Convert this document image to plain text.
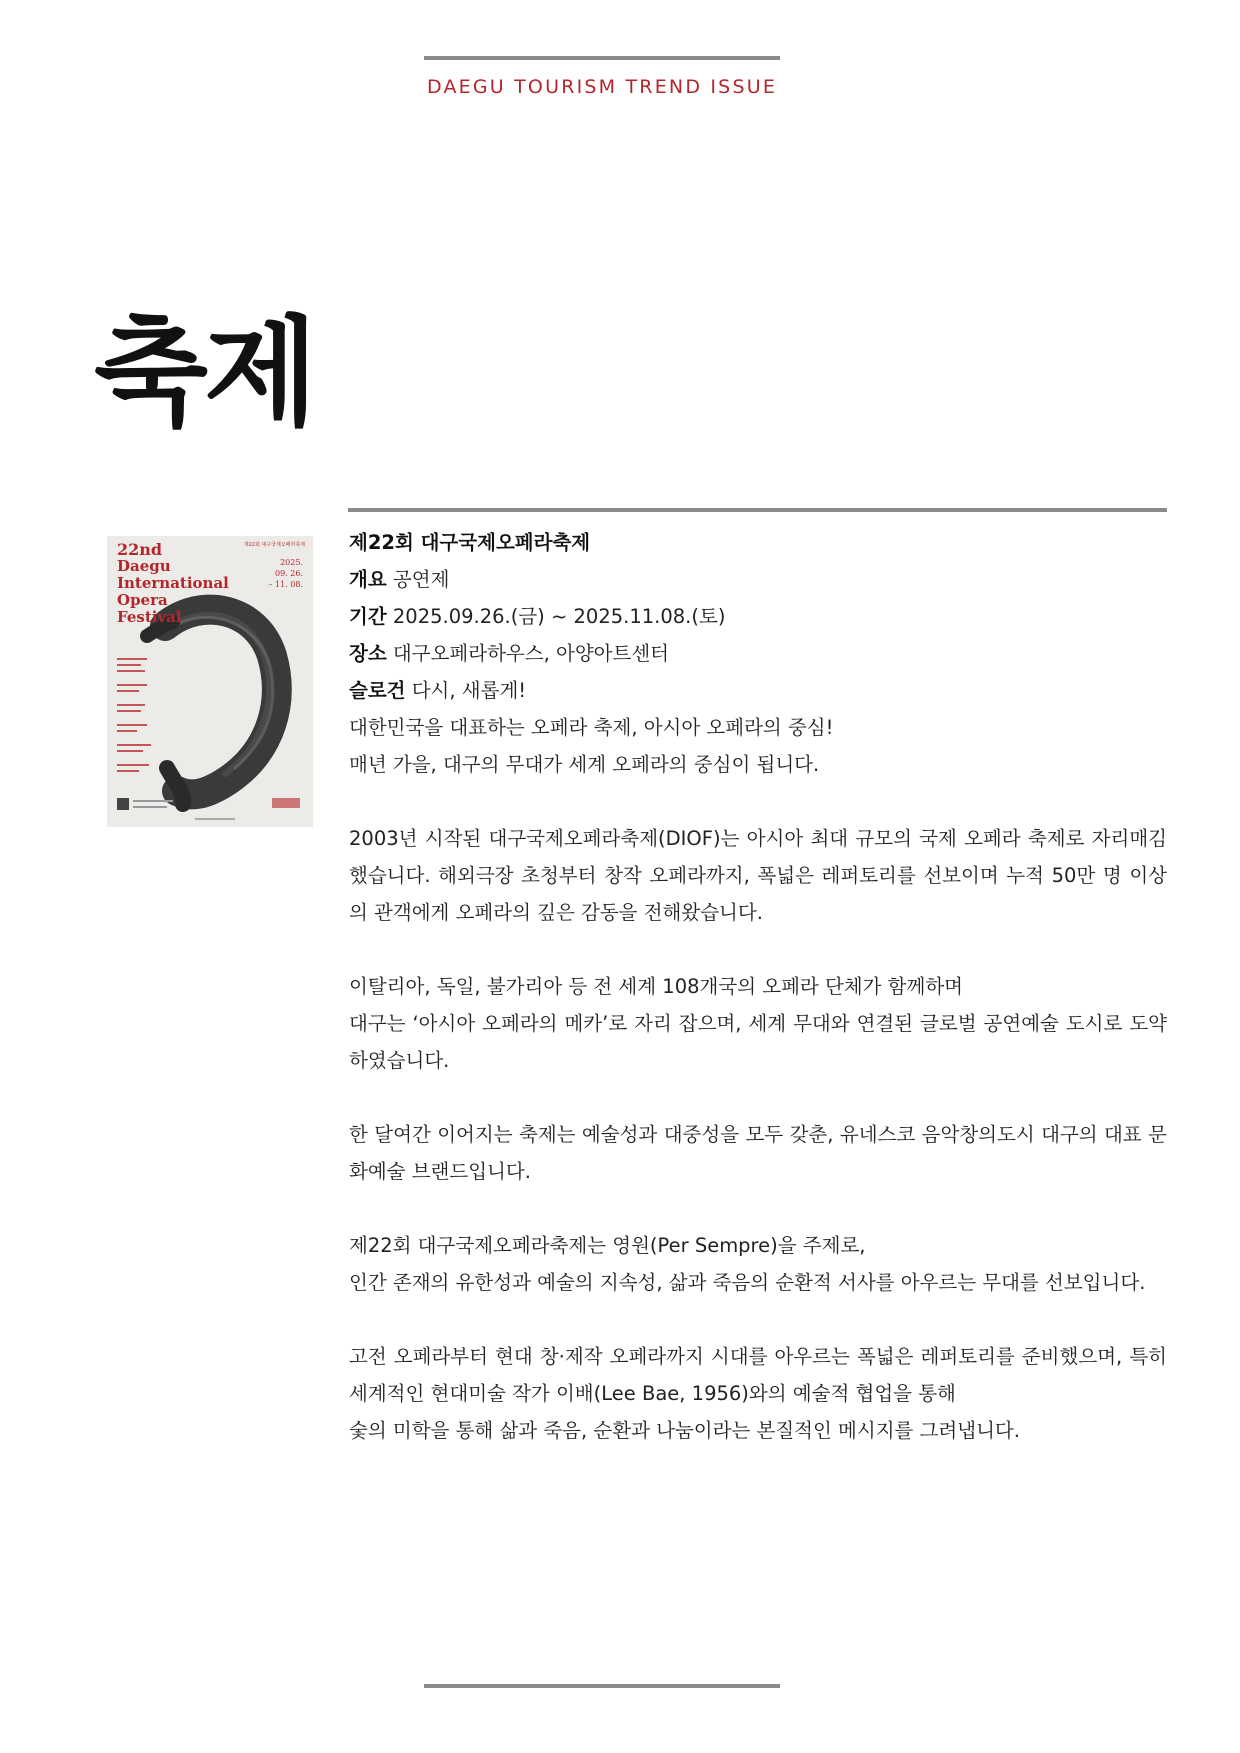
DAEGU TOURISM TREND ISSUE
축제
22nd
Daegu
International
Opera
Festival
제22회 대구국제오페라축제
2025.
09. 26.
– 11. 08.

제22회 대구국제오페라축제

개요 공연제

기간 2025.09.26.(금) ~ 2025.11.08.(토)

장소 대구오페라하우스, 아양아트센터

슬로건 다시, 새롭게!

대한민국을 대표하는 오페라 축제, 아시아 오페라의 중심!

매년 가을, 대구의 무대가 세계 오페라의 중심이 됩니다.

2003년 시작된 대구국제오페라축제(DIOF)는 아시아 최대 규모의 국제 오페라 축제로 자리매김했습니다. 해외극장 초청부터 창작 오페라까지, 폭넓은 레퍼토리를 선보이며 누적 50만 명 이상의 관객에게 오페라의 깊은 감동을 전해왔습니다.

이탈리아, 독일, 불가리아 등 전 세계 108개국의 오페라 단체가 함께하며

대구는 ‘아시아 오페라의 메카’로 자리 잡으며, 세계 무대와 연결된 글로벌 공연예술 도시로 도약하였습니다.

한 달여간 이어지는 축제는 예술성과 대중성을 모두 갖춘, 유네스코 음악창의도시 대구의 대표 문화예술 브랜드입니다.

제22회 대구국제오페라축제는 영원(Per Sempre)을 주제로,

인간 존재의 유한성과 예술의 지속성, 삶과 죽음의 순환적 서사를 아우르는 무대를 선보입니다.

고전 오페라부터 현대 창·제작 오페라까지 시대를 아우르는 폭넓은 레퍼토리를 준비했으며, 특히 세계적인 현대미술 작가 이배(Lee Bae, 1956)와의 예술적 협업을 통해

숯의 미학을 통해 삶과 죽음, 순환과 나눔이라는 본질적인 메시지를 그려냅니다.
